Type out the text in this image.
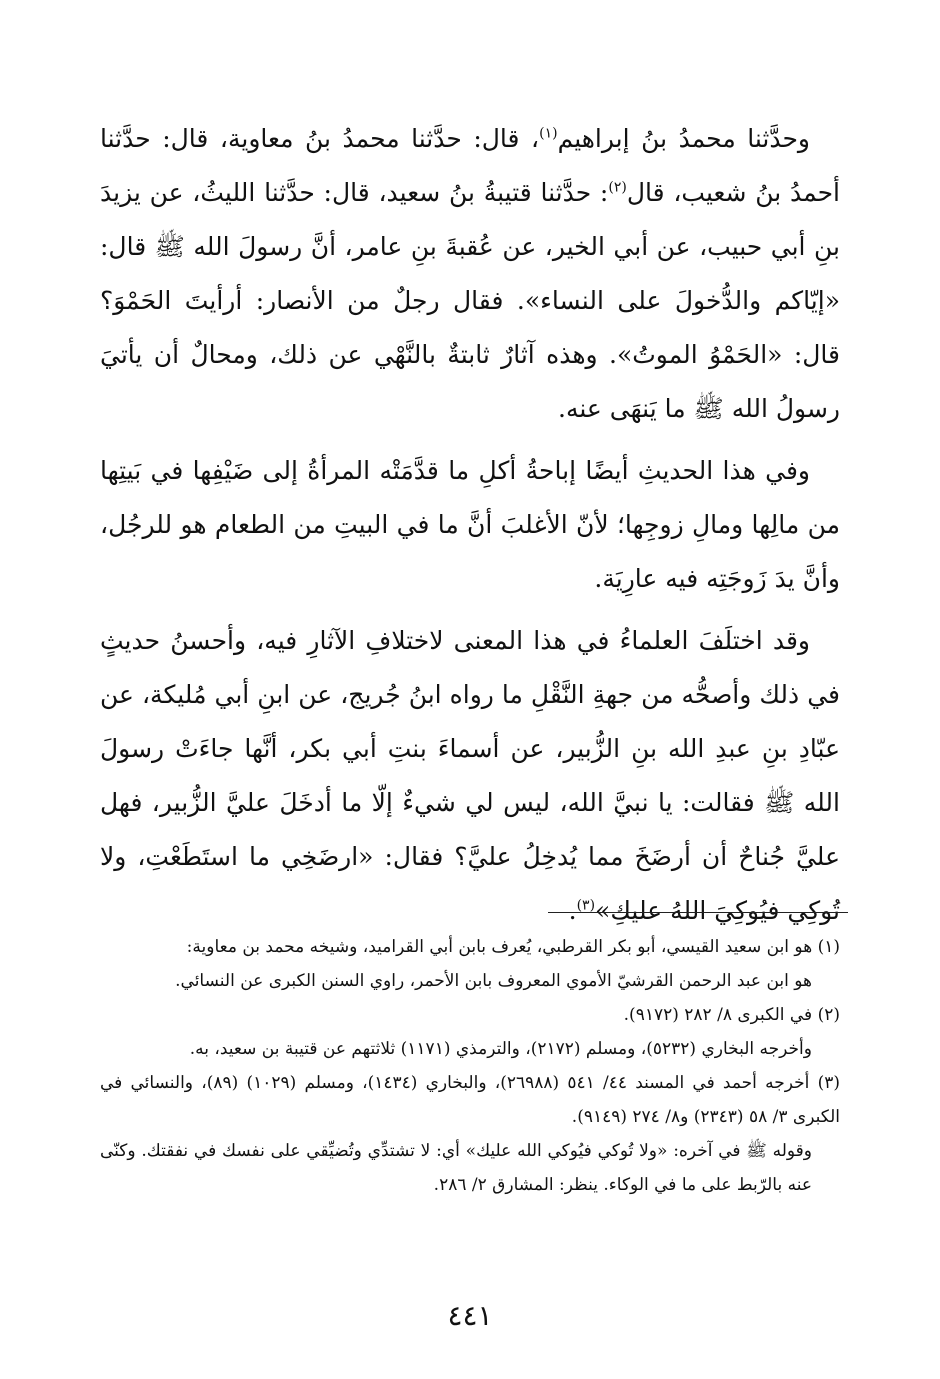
وحدَّثنا محمدُ بنُ إبراهيم$^{(١)}$، قال: حدَّثنا محمدُ بنُ معاوية، قال: حدَّثنا أحمدُ بنُ شعيب، قال$^{(٢)}$: حدَّثنا قتيبةُ بنُ سعيد، قال: حدَّثنا الليثُ، عن يزيدَ بنِ أبي حبيب، عن أبي الخير، عن عُقبةَ بنِ عامر، أنَّ رسولَ الله ﷺ قال: «إيّاكم والدُّخولَ على النساء». فقال رجلٌ من الأنصار: أرأيتَ الحَمْوَ؟ قال: «الحَمْوُ الموتُ». وهذه آثارٌ ثابتةٌ بالنَّهْي عن ذلك، ومحالٌ أن يأتيَ رسولُ الله ﷺ ما يَنهَى عنه.

وفي هذا الحديثِ أيضًا إباحةُ أكلِ ما قدَّمَتْه المرأةُ إلى ضَيْفِها في بَيتِها من مالِها ومالِ زوجِها؛ لأنّ الأغلبَ أنَّ ما في البيتِ من الطعام هو للرجُل، وأنَّ يدَ زَوجَتِه فيه عارِيَة.

وقد اختلَفَ العلماءُ في هذا المعنى لاختلافِ الآثارِ فيه، وأحسنُ حديثٍ في ذلك وأصحُّه من جهةِ النَّقْلِ ما رواه ابنُ جُريج، عن ابنِ أبي مُليكة، عن عبّادِ بنِ عبدِ الله بنِ الزُّبير، عن أسماءَ بنتِ أبي بكر، أنَّها جاءَتْ رسولَ الله ﷺ فقالت: يا نبيَّ الله، ليس لي شيءٌ إلّا ما أدخَلَ عليَّ الزُّبير، فهل عليَّ جُناحٌ أن أرضَخَ مما يُدخِلُ عليَّ؟ فقال: «ارضَخِي ما استَطَعْتِ، ولا تُوكِي فيُوكِيَ اللهُ عليكِ»$^{(٣)}$.

(١) هو ابن سعيد القيسي، أبو بكر القرطبي، يُعرف بابن أبي القراميد، وشيخه محمد بن معاوية:

هو ابن عبد الرحمن القرشيّ الأموي المعروف بابن الأحمر، راوي السنن الكبرى عن النسائي.

(٢) في الكبرى ٨/ ٢٨٢ (٩١٧٢).

وأخرجه البخاري (٥٢٣٢)، ومسلم (٢١٧٢)، والترمذي (١١٧١) ثلاثتهم عن قتيبة بن سعيد، به.

(٣) أخرجه أحمد في المسند ٤٤/ ٥٤١ (٢٦٩٨٨)، والبخاري (١٤٣٤)، ومسلم (١٠٢٩) (٨٩)، والنسائي في الكبرى ٣/ ٥٨ (٢٣٤٣) و٨/ ٢٧٤ (٩١٤٩).

وقوله ﷺ في آخره: «ولا تُوكي فيُوكي الله عليك» أي: لا تشتدِّي وتُضيِّقي على نفسك في نفقتك. وكنّى عنه بالرّبط على ما في الوكاء. ينظر: المشارق ٢/ ٢٨٦.

٤٤١
